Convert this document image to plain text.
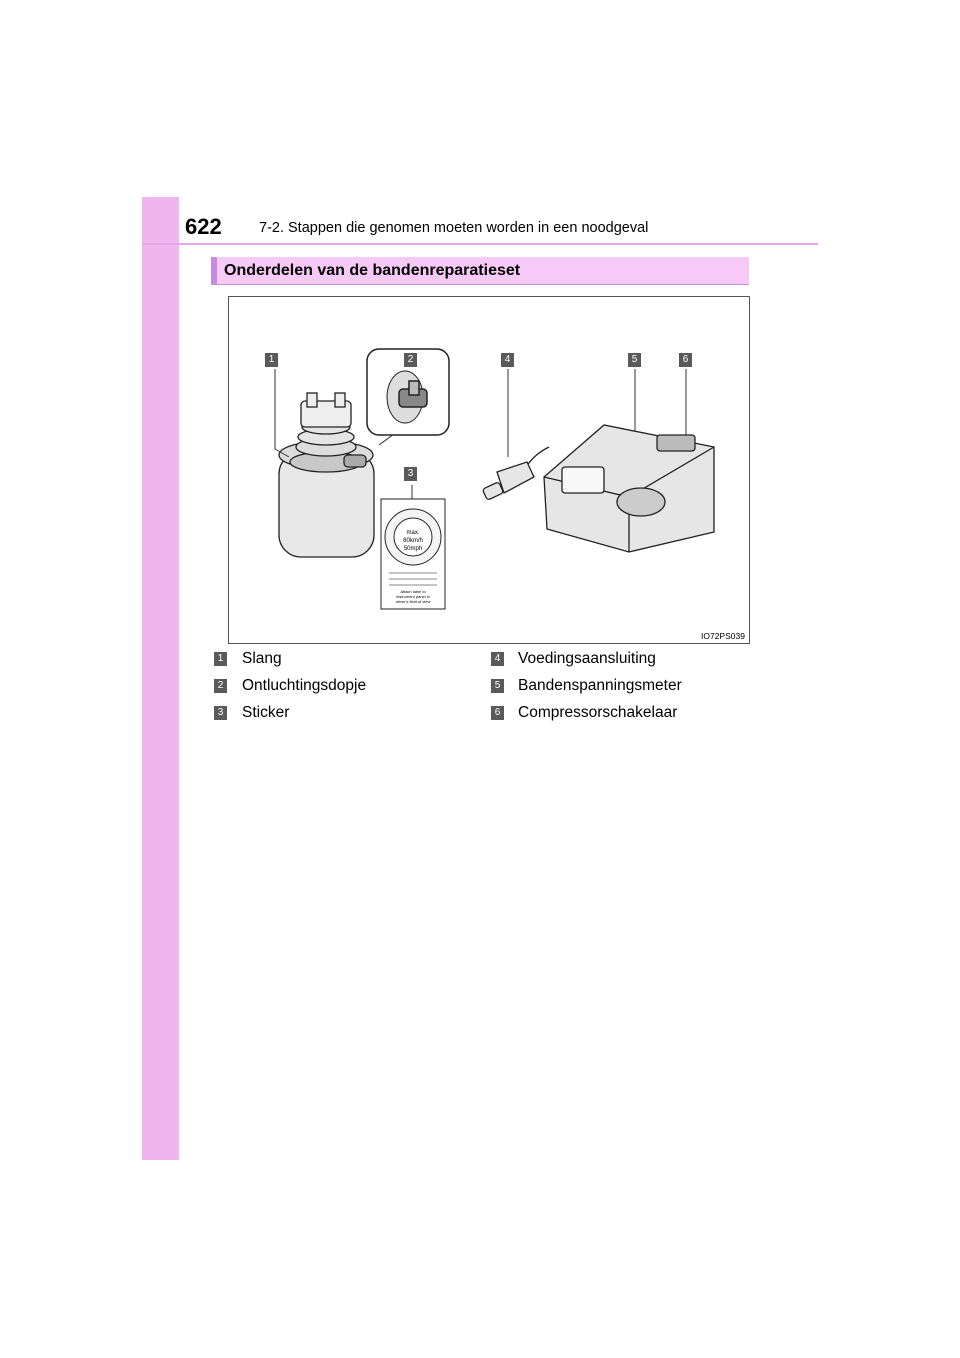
622	7-2. Stappen die genomen moeten worden in een noodgeval
Onderdelen van de bandenreparatieset
max.
80km/h
50mph
Attach label to
instrument panel in
driver's field of view
1	2
3
4	5	6
IO72PS039
1 Slang
2 Ontluchtingsdopje
3 Sticker
4 Voedingsaansluiting
5 Bandenspanningsmeter
6 Compressorschakelaar
